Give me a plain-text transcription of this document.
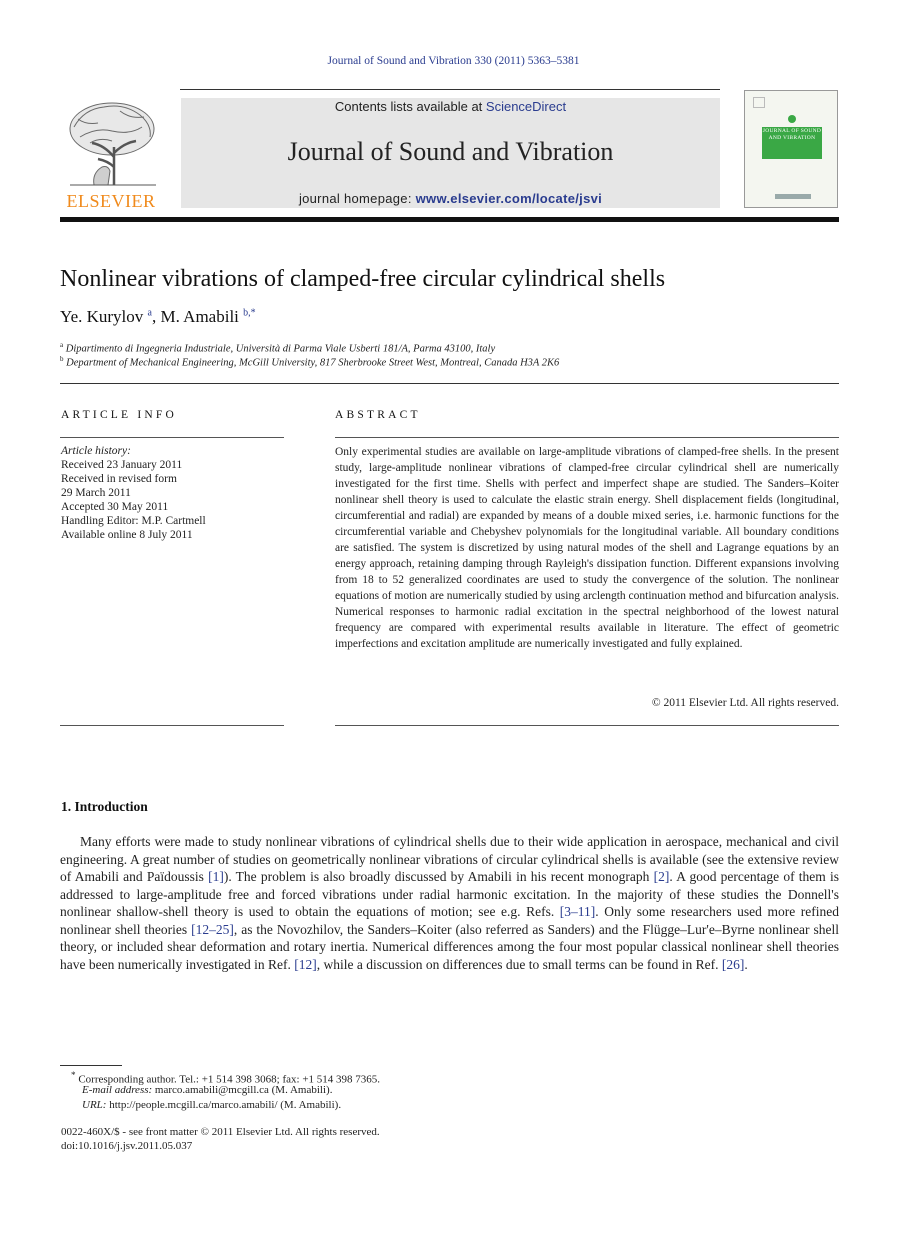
Journal of Sound and Vibration 330 (2011) 5363–5381
Contents lists available at ScienceDirect
Journal of Sound and Vibration
journal homepage: www.elsevier.com/locate/jsvi
ELSEVIER
JOURNAL OF SOUND AND VIBRATION
Nonlinear vibrations of clamped-free circular cylindrical shells
Ye. Kurylov $^a$, M. Amabili $^{b,*}$
$^a$ Dipartimento di Ingegneria Industriale, Università di Parma Viale Usberti 181/A, Parma 43100, Italy
$^b$ Department of Mechanical Engineering, McGill University, 817 Sherbrooke Street West, Montreal, Canada H3A 2K6
ARTICLE INFO
Article history:
Received 23 January 2011
Received in revised form
29 March 2011
Accepted 30 May 2011
Handling Editor: M.P. Cartmell
Available online 8 July 2011
ABSTRACT
Only experimental studies are available on large-amplitude vibrations of clamped-free shells. In the present study, large-amplitude nonlinear vibrations of clamped-free circular cylindrical shell are numerically investigated for the first time. Shells with perfect and imperfect shape are studied. The Sanders–Koiter nonlinear shell theory is used to calculate the elastic strain energy. Shell displacement fields (longitudinal, circumferential and radial) are expanded by means of a double mixed series, i.e. harmonic functions for the circumferential variable and Chebyshev polynomials for the longitudinal variable. All boundary conditions are satisfied. The system is discretized by using natural modes of the shell and Lagrange equations by an energy approach, retaining damping through Rayleigh's dissipation function. Different expansions involving from 18 to 52 generalized coordinates are used to study the convergence of the solution. The nonlinear equations of motion are numerically studied by using arclength continuation method and bifurcation analysis. Numerical responses to harmonic radial excitation in the spectral neighborhood of the lowest natural frequency are compared with experimental results available in literature. The effect of geometric imperfections and excitation amplitude are numerically investigated and fully explained.
© 2011 Elsevier Ltd. All rights reserved.
1. Introduction
Many efforts were made to study nonlinear vibrations of cylindrical shells due to their wide application in aerospace, mechanical and civil engineering. A great number of studies on geometrically nonlinear vibrations of circular cylindrical shells is available (see the extensive review of Amabili and Païdoussis [1]). The problem is also broadly discussed by Amabili in his recent monograph [2]. A good percentage of them is addressed to large-amplitude free and forced vibrations under radial harmonic excitation. In the majority of these studies the Donnell's nonlinear shallow-shell theory is used to obtain the equations of motion; see e.g. Refs. [3–11]. Only some researchers used more refined nonlinear shell theories [12–25], as the Novozhilov, the Sanders–Koiter (also referred as Sanders) and the Flügge–Lur'e–Byrne nonlinear shell theory, or included shear deformation and rotary inertia. Numerical differences among the four most popular classical nonlinear shell theories have been numerically investigated in Ref. [12], while a discussion on differences due to small terms can be found in Ref. [26].
* Corresponding author. Tel.: +1 514 398 3068; fax: +1 514 398 7365.
E-mail address: marco.amabili@mcgill.ca (M. Amabili).
URL: http://people.mcgill.ca/marco.amabili/ (M. Amabili).
0022-460X/$ - see front matter © 2011 Elsevier Ltd. All rights reserved.
doi:10.1016/j.jsv.2011.05.037
